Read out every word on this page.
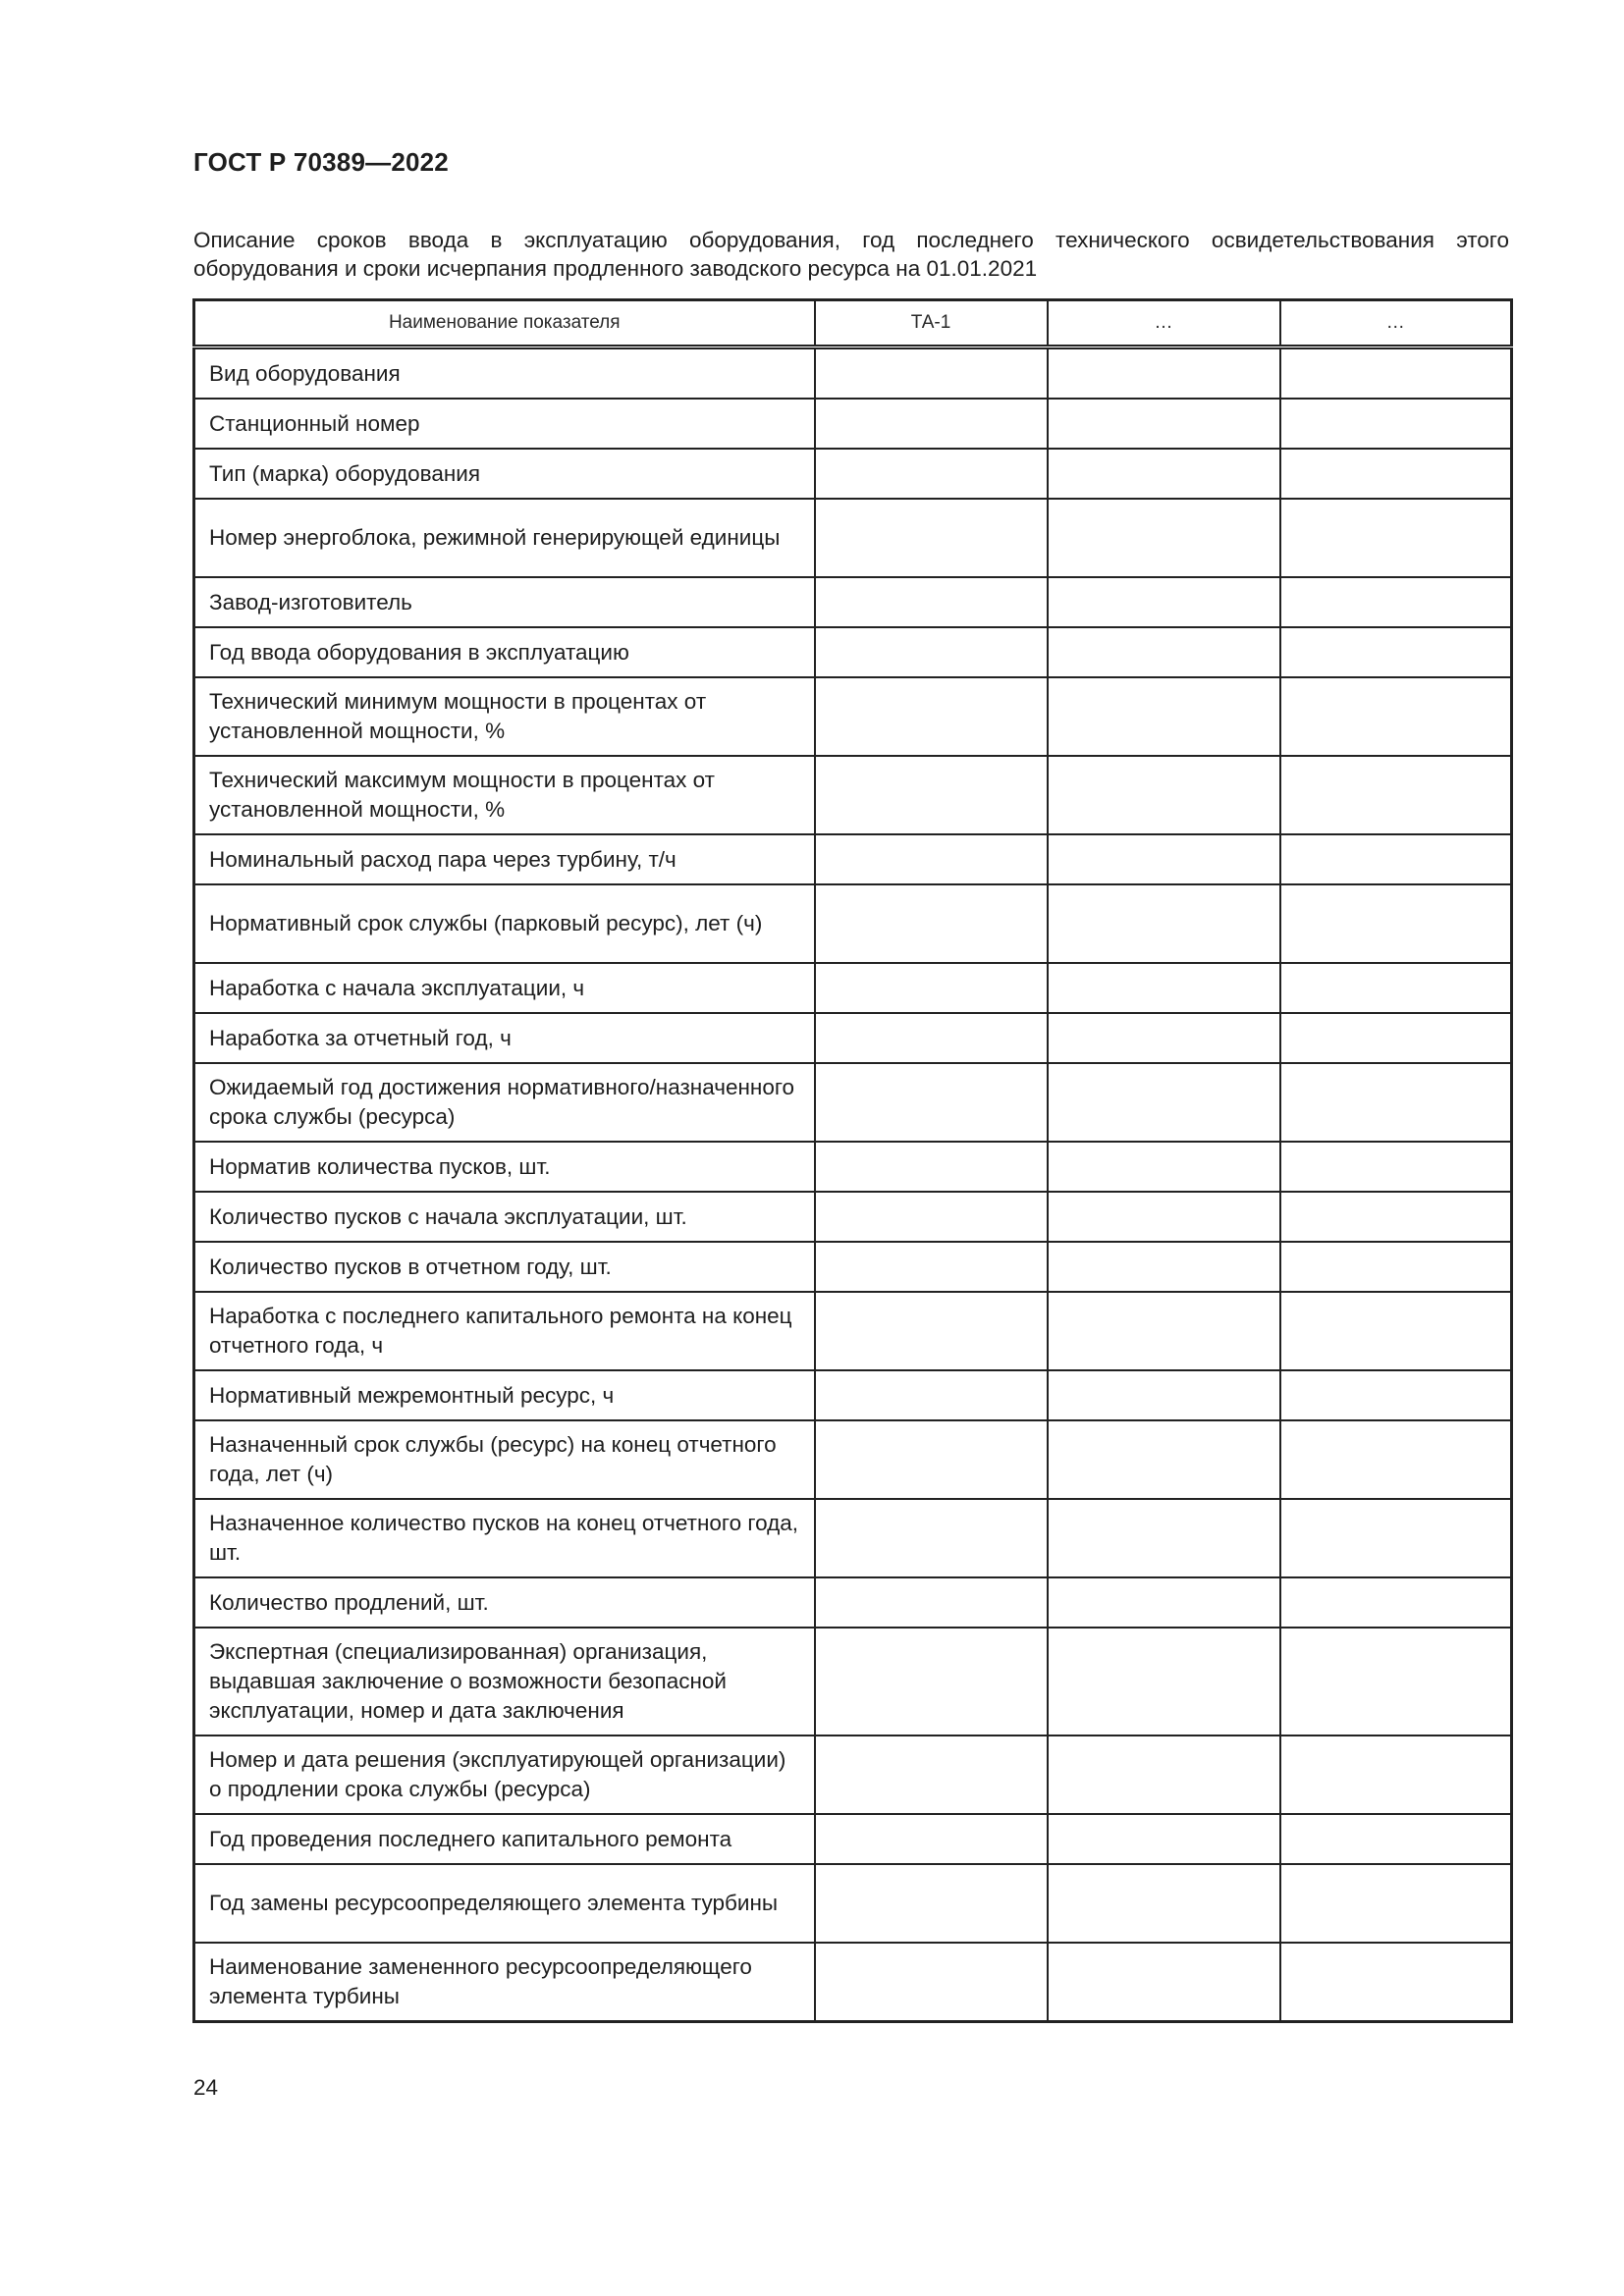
ГОСТ Р 70389—2022
Описание сроков ввода в эксплуатацию оборудования, год последнего технического освидетельствования этого
оборудования и сроки исчерпания продленного заводского ресурса на 01.01.2021
Наименование показателя	ТА-1	…	…
Вид оборудования			
Станционный номер			
Тип (марка) оборудования			
Номер энергоблока, режимной генерирующей единицы			
Завод-изготовитель			
Год ввода оборудования в эксплуатацию			
Технический минимум мощности в процентах от установленной мощности, %			
Технический максимум мощности в процентах от установленной мощности, %			
Номинальный расход пара через турбину, т/ч			
Нормативный срок службы (парковый ресурс), лет (ч)			
Наработка с начала эксплуатации, ч			
Наработка за отчетный год, ч			
Ожидаемый год достижения нормативного/назначенного срока службы (ресурса)			
Норматив количества пусков, шт.			
Количество пусков с начала эксплуатации, шт.			
Количество пусков в отчетном году, шт.			
Наработка с последнего капитального ремонта на конец отчетного года, ч			
Нормативный межремонтный ресурс, ч			
Назначенный срок службы (ресурс) на конец отчетного года, лет (ч)			
Назначенное количество пусков на конец отчетного года, шт.			
Количество продлений, шт.			
Экспертная (специализированная) организация, выдавшая заключение о возможности безопасной эксплуатации, номер и дата заключения			
Номер и дата решения (эксплуатирующей организации) о продлении срока службы (ресурса)			
Год проведения последнего капитального ремонта			
Год замены ресурсоопределяющего элемента турбины			
Наименование замененного ресурсоопределяющего элемента турбины			
24
